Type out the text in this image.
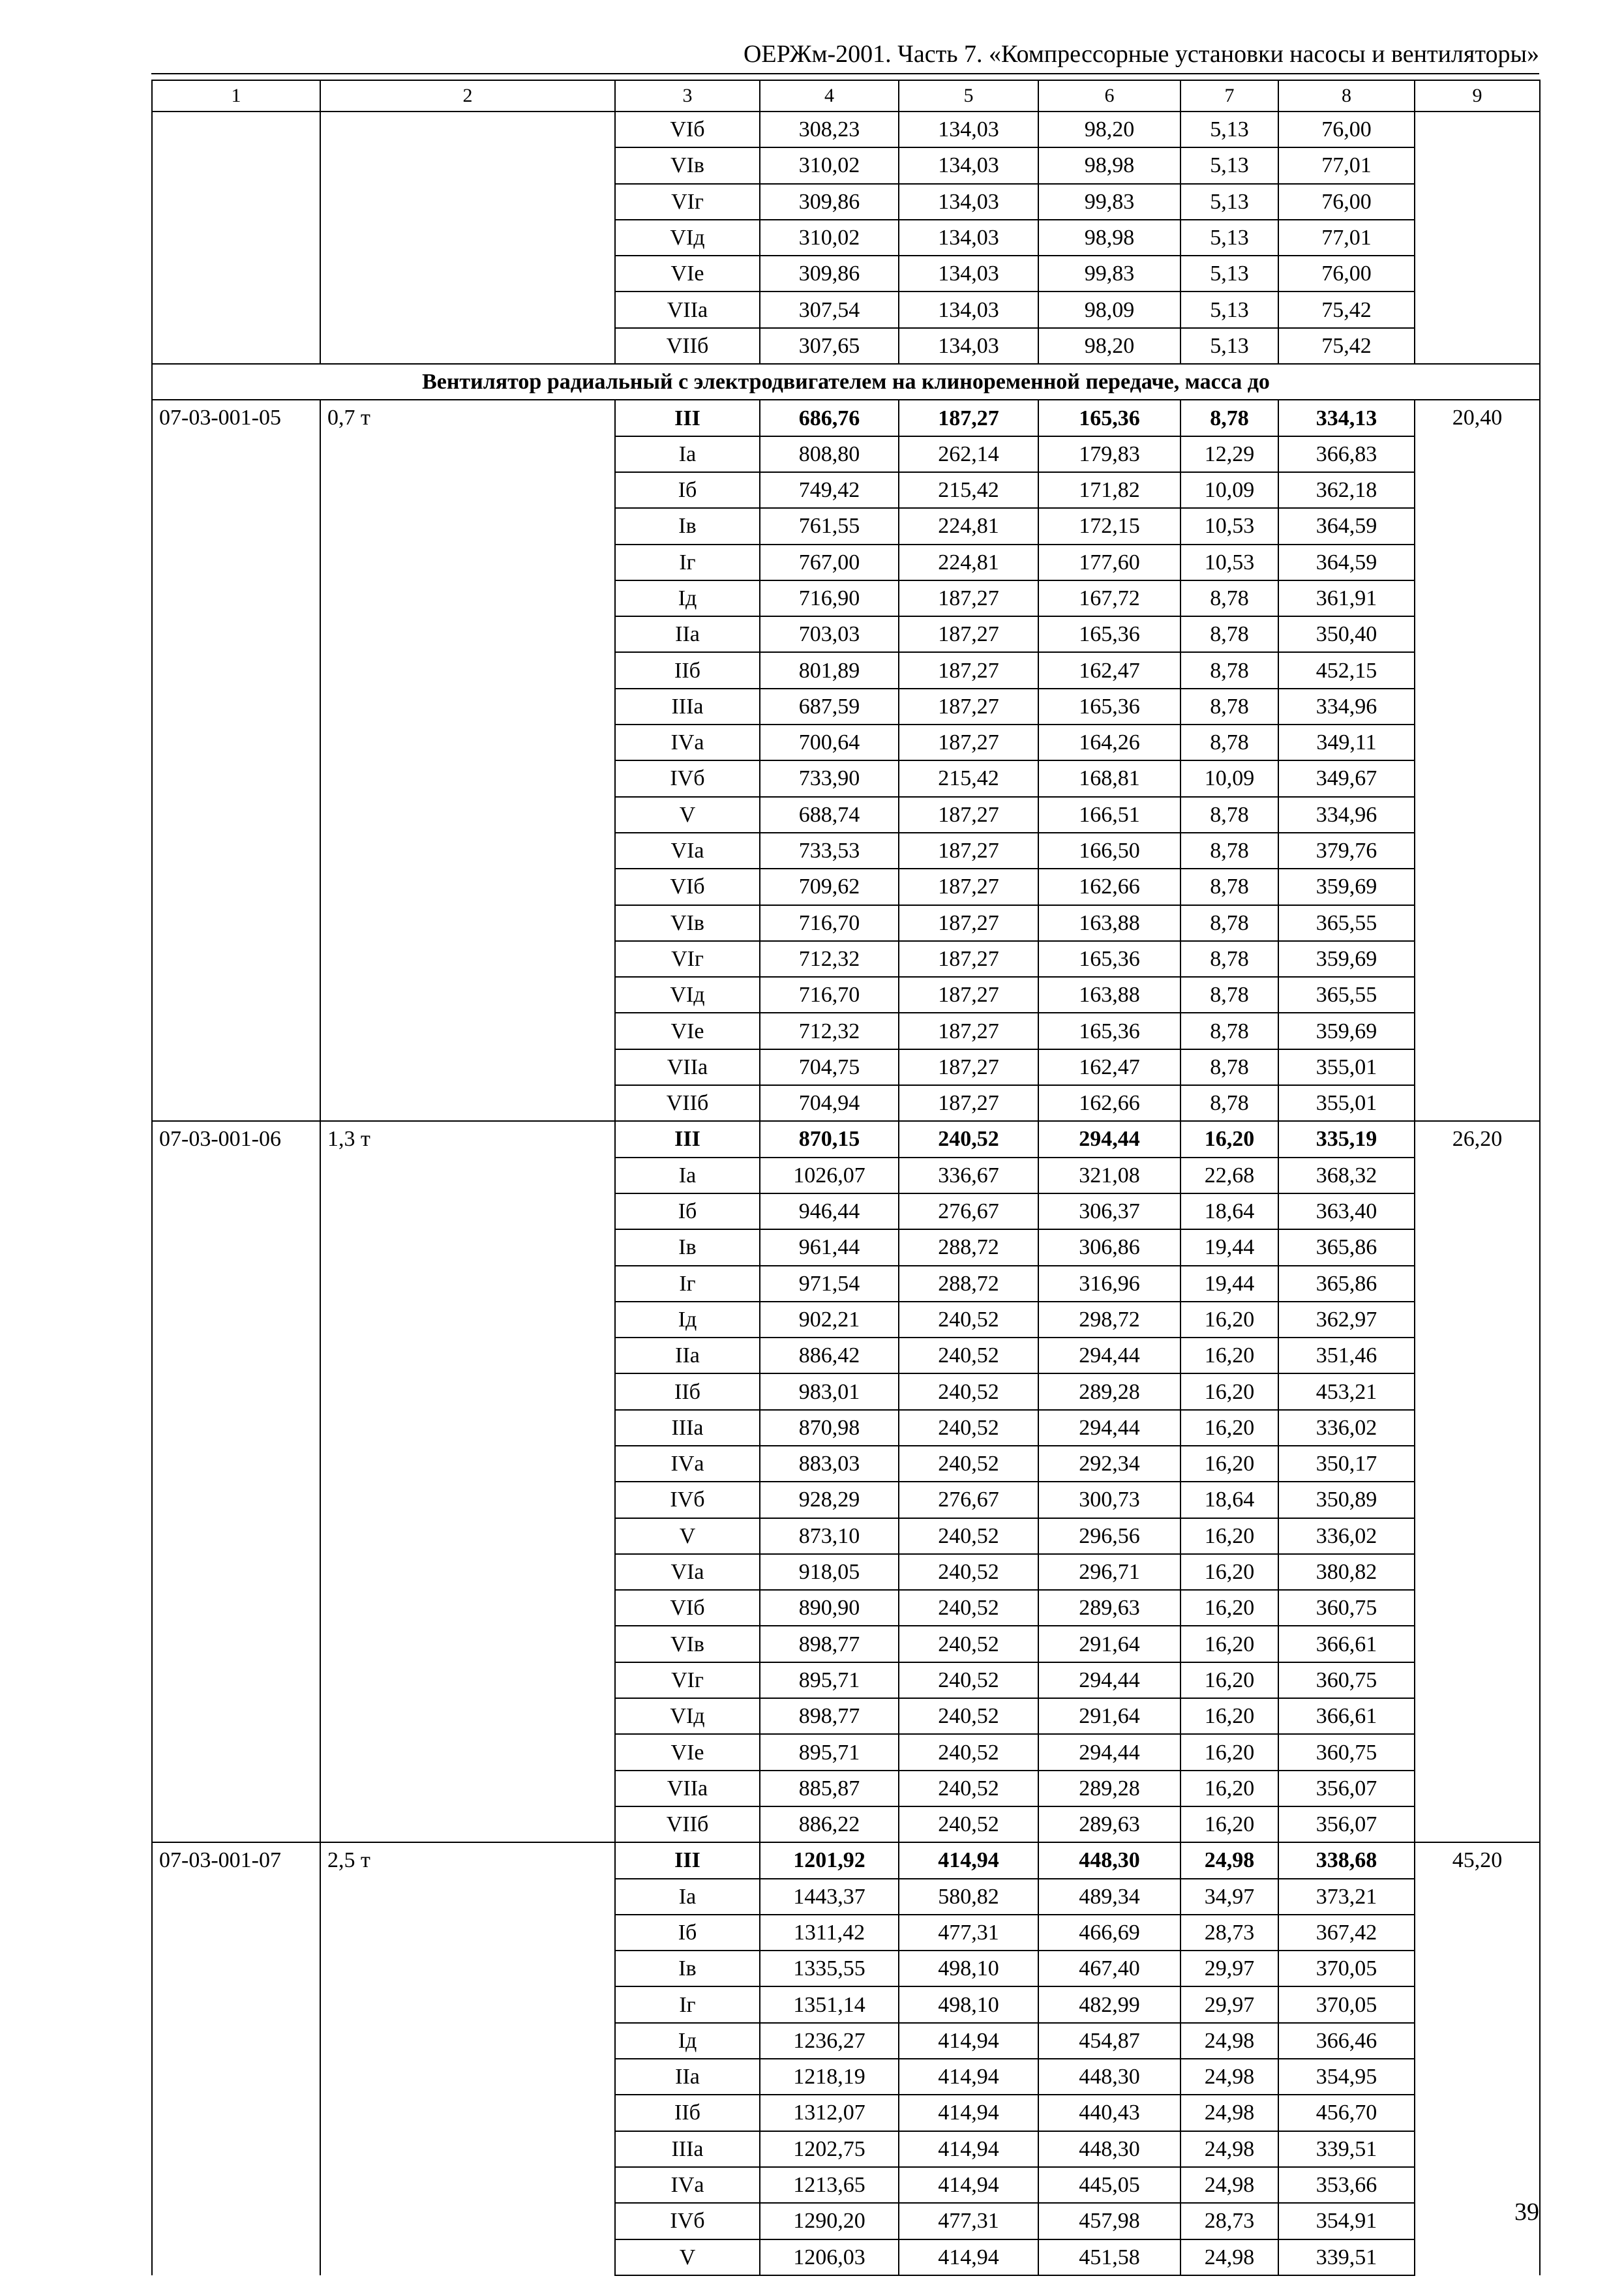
ОЕРЖм-2001. Часть 7. «Компрессорные установки насосы и вентиляторы»
1	2	3	4	5	6	7	8	9
		VIб	308,23	134,03	98,20	5,13	76,00	
		VIв	310,02	134,03	98,98	5,13	77,01	
		VIг	309,86	134,03	99,83	5,13	76,00	
		VIд	310,02	134,03	98,98	5,13	77,01	
		VIе	309,86	134,03	99,83	5,13	76,00	
		VIIа	307,54	134,03	98,09	5,13	75,42	
		VIIб	307,65	134,03	98,20	5,13	75,42	
Вентилятор радиальный с электродвигателем на клиноременной передаче, масса до								
07-03-001-05	0,7 т	III	686,76	187,27	165,36	8,78	334,13	20,40
		Iа	808,80	262,14	179,83	12,29	366,83	
		Iб	749,42	215,42	171,82	10,09	362,18	
		Iв	761,55	224,81	172,15	10,53	364,59	
		Iг	767,00	224,81	177,60	10,53	364,59	
		Iд	716,90	187,27	167,72	8,78	361,91	
		IIа	703,03	187,27	165,36	8,78	350,40	
		IIб	801,89	187,27	162,47	8,78	452,15	
		IIIа	687,59	187,27	165,36	8,78	334,96	
		IVа	700,64	187,27	164,26	8,78	349,11	
		IVб	733,90	215,42	168,81	10,09	349,67	
		V	688,74	187,27	166,51	8,78	334,96	
		VIа	733,53	187,27	166,50	8,78	379,76	
		VIб	709,62	187,27	162,66	8,78	359,69	
		VIв	716,70	187,27	163,88	8,78	365,55	
		VIг	712,32	187,27	165,36	8,78	359,69	
		VIд	716,70	187,27	163,88	8,78	365,55	
		VIе	712,32	187,27	165,36	8,78	359,69	
		VIIа	704,75	187,27	162,47	8,78	355,01	
		VIIб	704,94	187,27	162,66	8,78	355,01	
07-03-001-06	1,3 т	III	870,15	240,52	294,44	16,20	335,19	26,20
		Iа	1026,07	336,67	321,08	22,68	368,32	
		Iб	946,44	276,67	306,37	18,64	363,40	
		Iв	961,44	288,72	306,86	19,44	365,86	
		Iг	971,54	288,72	316,96	19,44	365,86	
		Iд	902,21	240,52	298,72	16,20	362,97	
		IIа	886,42	240,52	294,44	16,20	351,46	
		IIб	983,01	240,52	289,28	16,20	453,21	
		IIIа	870,98	240,52	294,44	16,20	336,02	
		IVа	883,03	240,52	292,34	16,20	350,17	
		IVб	928,29	276,67	300,73	18,64	350,89	
		V	873,10	240,52	296,56	16,20	336,02	
		VIа	918,05	240,52	296,71	16,20	380,82	
		VIб	890,90	240,52	289,63	16,20	360,75	
		VIв	898,77	240,52	291,64	16,20	366,61	
		VIг	895,71	240,52	294,44	16,20	360,75	
		VIд	898,77	240,52	291,64	16,20	366,61	
		VIе	895,71	240,52	294,44	16,20	360,75	
		VIIа	885,87	240,52	289,28	16,20	356,07	
		VIIб	886,22	240,52	289,63	16,20	356,07	
07-03-001-07	2,5 т	III	1201,92	414,94	448,30	24,98	338,68	45,20
		Iа	1443,37	580,82	489,34	34,97	373,21	
		Iб	1311,42	477,31	466,69	28,73	367,42	
		Iв	1335,55	498,10	467,40	29,97	370,05	
		Iг	1351,14	498,10	482,99	29,97	370,05	
		Iд	1236,27	414,94	454,87	24,98	366,46	
		IIа	1218,19	414,94	448,30	24,98	354,95	
		IIб	1312,07	414,94	440,43	24,98	456,70	
		IIIа	1202,75	414,94	448,30	24,98	339,51	
		IVа	1213,65	414,94	445,05	24,98	353,66	
		IVб	1290,20	477,31	457,98	28,73	354,91	
		V	1206,03	414,94	451,58	24,98	339,51	
39
